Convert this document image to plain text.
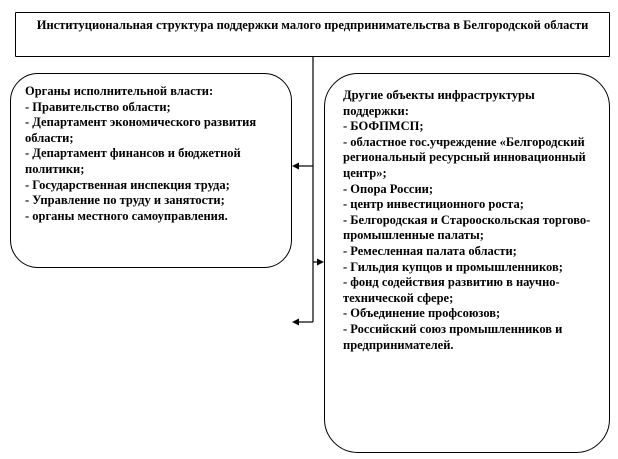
Институциональная структура поддержки малого предпринимательства в Белгородской области
Органы исполнительной власти:
- Правительство области;
- Департамент экономического развития области;
- Департамент финансов и бюджетной политики;
- Государственная инспекция труда;
- Управление по труду и занятости;
- органы местного самоуправления.
Другие объекты инфраструктуры поддержки:
- БОФПМСП;
- областное гос.учреждение «Белгородский региональный ресурсный инновационный центр»;
- Опора России;
- центр инвестиционного роста;
- Белгородская и Старооскольская торгово-промышленные палаты;
- Ремесленная палата области;
- Гильдия купцов и промышленников;
- фонд содействия развитию в научно-технической сфере;
- Объединение профсоюзов;
- Российский союз промышленников и предпринимателей.
